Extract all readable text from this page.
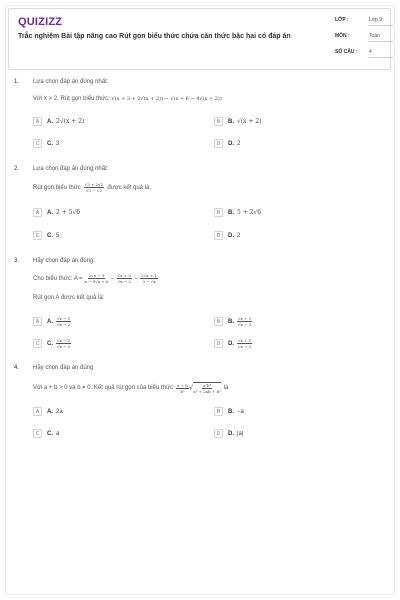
QUIZIZZ
Trắc nghiệm Bài tập nâng cao Rút gọn biểu thức chứa căn thức bậc hai có đáp án
LỚP :	Lớp 9
MÔN :	Toán
SỐ CÂU : 4
1. Lựa chọn đáp án đúng nhất:
Với x > 2. Rút gọn biểu thức: √(x + 3 + 2√(x + 2)) − √(x + 6 − 4√(x + 2))
A	A. 2√(x + 2)	B	B. √(x + 2)
C	C. 3	D	D. 2
2. Lựa chọn đáp án đúng nhất:
Rút gọn biểu thức $\frac{√3 + 2√2}{√3 - √2}$ được kết quả là:
A	A. 2 + 5√6	B	B. 5 + 2√6
C	C. 5	D	D. 2
3. Hãy chọn đáp án đúng:
Cho biểu thức: $A = \frac{2√x - 9}{x - 5√x + 6} - \frac{√x + 3}{√x - 2} - \frac{2√x + 1}{3 - √x}$
Rút gọn A được kết quả là:
A	A. $\frac{√x - 1}{√x - 2}$	B	B. $\frac{√x + 1}{√x - 3}$
C	C. $\frac{√x - 1}{√x - 3}$	D	D. $\frac{√x + 1}{√x - 2}$
4. Hãy chọn đáp án đúng
Với a + b > 0 và b ≠ 0. Kết quả rút gọn của biểu thức $\frac{a + b}{\text{b²}}$ √ $\frac{\text{a²b⁴}}{\text{a² + 2ab + b²}}$ là
A	A. 2a	B	B. −a
C	C. a	D	D. |a|
